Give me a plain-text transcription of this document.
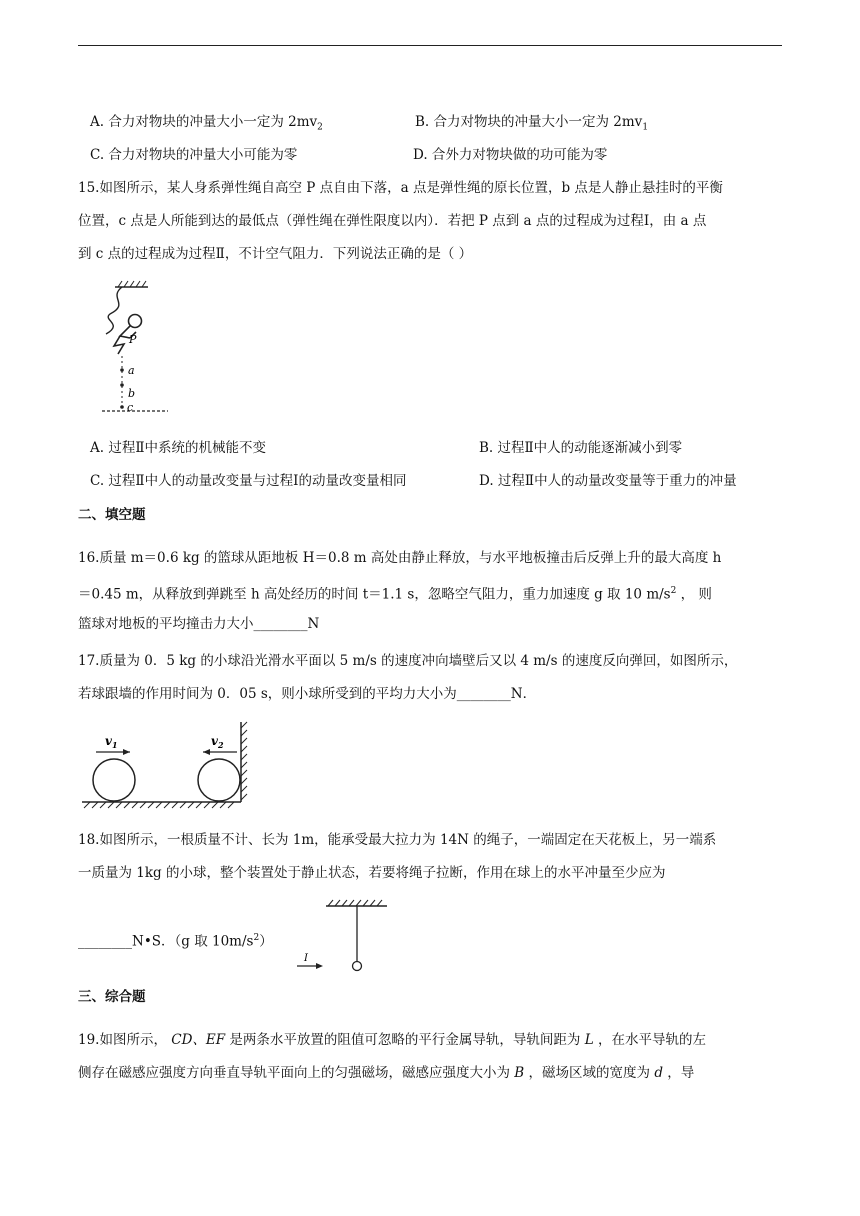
A. 合力对物块的冲量大小一定为 $2mv_2$	B. 合力对物块的冲量大小一定为 $2mv_1$
C. 合力对物块的冲量大小可能为零	D. 合外力对物块做的功可能为零
15.如图所示，某人身系弹性绳自高空 P 点自由下落，a 点是弹性绳的原长位置，b 点是人静止悬挂时的平衡
位置，c 点是人所能到达的最低点（弹性绳在弹性限度以内）．若把 P 点到 a 点的过程成为过程Ⅰ，由 a 点
到 c 点的过程成为过程Ⅱ，不计空气阻力．下列说法正确的是（ ）
P
a
b
c
A. 过程Ⅱ中系统的机械能不变	B. 过程Ⅱ中人的动能逐渐减小到零
C. 过程Ⅱ中人的动量改变量与过程Ⅰ的动量改变量相同	D. 过程Ⅱ中人的动量改变量等于重力的冲量
二、填空题
16.质量 m＝0.6 kg 的篮球从距地板 H＝0.8 m 高处由静止释放，与水平地板撞击后反弹上升的最大高度 h
＝0.45 m，从释放到弹跳至 h 高处经历的时间 t＝1.1 s，忽略空气阻力，重力加速度 g 取 10 $m/s^2$ ， 则
篮球对地板的平均撞击力大小________N
17.质量为 0．5 kg 的小球沿光滑水平面以 5 m/s 的速度冲向墙壁后又以 4 m/s 的速度反向弹回，如图所示，
若球跟墙的作用时间为 0．05 s，则小球所受到的平均力大小为________N．
$v_1$	$v_2$
18.如图所示，一根质量不计、长为 1m，能承受最大拉力为 14N 的绳子，一端固定在天花板上，另一端系
一质量为 1kg 的小球，整个装置处于静止状态，若要将绳子拉断，作用在球上的水平冲量至少应为
________N•S．（g 取 $10m/s^2$）
I
三、综合题
19.如图所示， CD、EF 是两条水平放置的阻值可忽略的平行金属导轨，导轨间距为 L ，在水平导轨的左
侧存在磁感应强度方向垂直导轨平面向上的匀强磁场，磁感应强度大小为 B ，磁场区域的宽度为 d ，导
